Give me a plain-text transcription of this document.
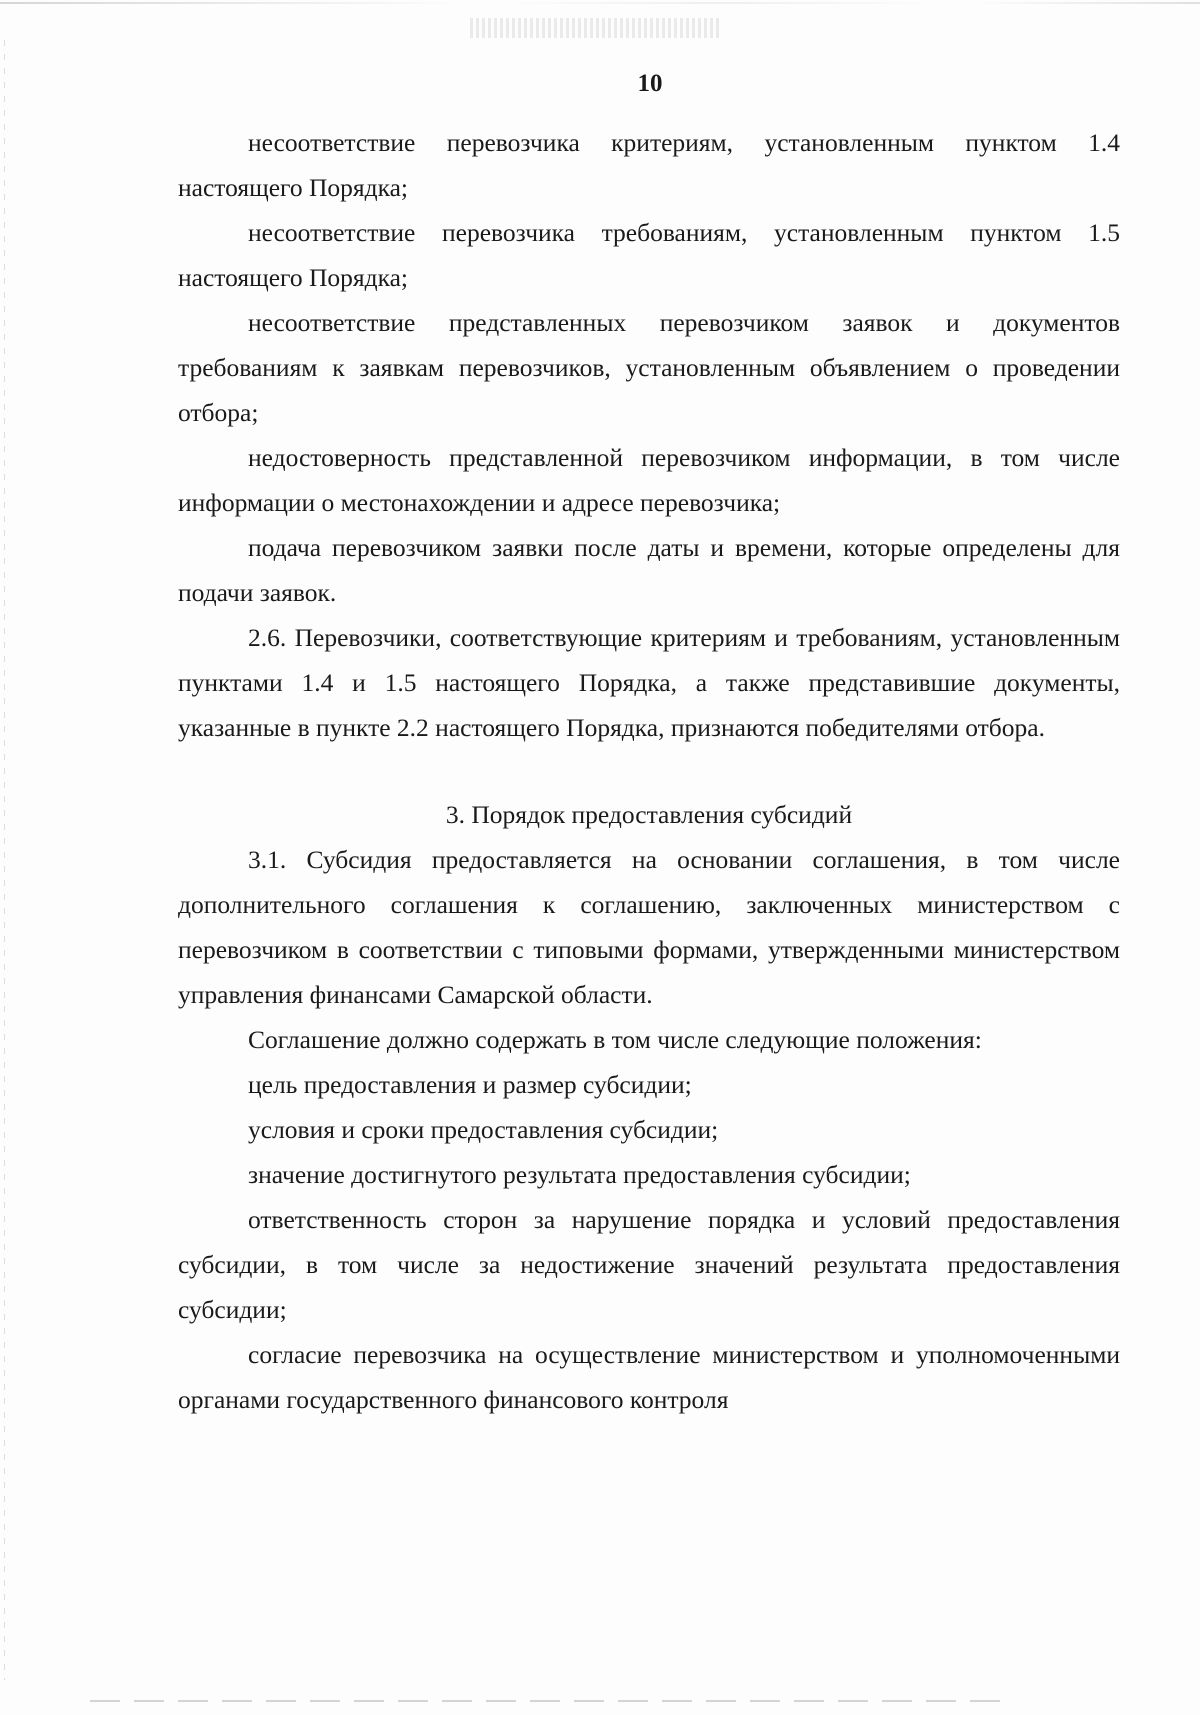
10

несоответствие перевозчика критериям, установленным пунктом 1.4 настоящего Порядка;

несоответствие перевозчика требованиям, установленным пунктом 1.5 настоящего Порядка;

несоответствие представленных перевозчиком заявок и документов требованиям к заявкам перевозчиков, установленным объявлением о проведении отбора;

недостоверность представленной перевозчиком информации, в том числе информации о местонахождении и адресе перевозчика;

подача перевозчиком заявки после даты и времени, которые определены для подачи заявок.

2.6. Перевозчики, соответствующие критериям и требованиям, установленным пунктами 1.4 и 1.5 настоящего Порядка, а также представившие документы, указанные в пункте 2.2 настоящего Порядка, признаются победителями отбора.

3. Порядок предоставления субсидий

3.1. Субсидия предоставляется на основании соглашения, в том числе дополнительного соглашения к соглашению, заключенных министерством с перевозчиком в соответствии с типовыми формами, утвержденными министерством управления финансами Самарской области.

Соглашение должно содержать в том числе следующие положения:

цель предоставления и размер субсидии;

условия и сроки предоставления субсидии;

значение достигнутого результата предоставления субсидии;

ответственность сторон за нарушение порядка и условий предоставления субсидии, в том числе за недостижение значений результата предоставления субсидии;

согласие перевозчика на осуществление министерством и уполномоченными органами государственного финансового контроля
